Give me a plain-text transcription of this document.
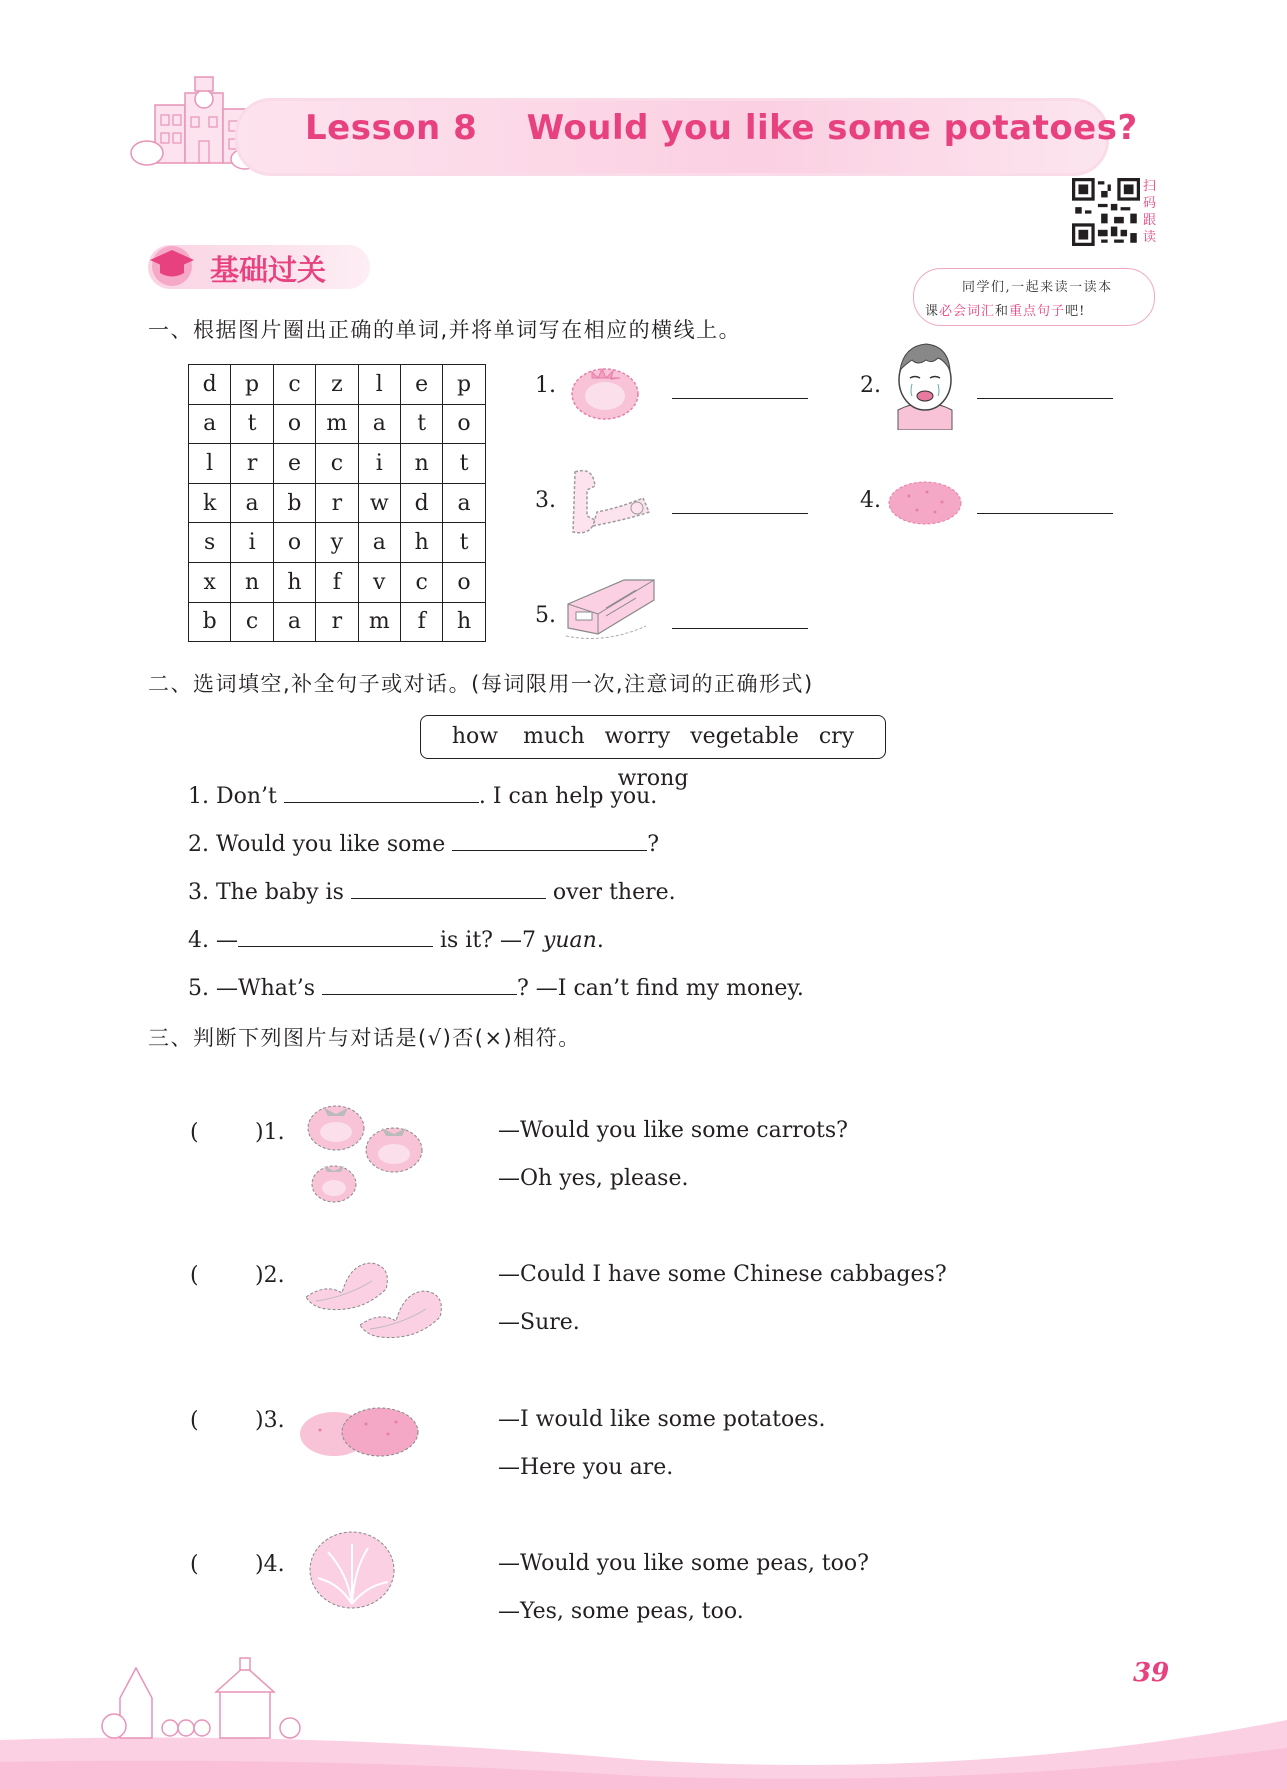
Lesson 8    Would you like some potatoes?
扫
码
跟
读
同学们,一起来读一读本
课必会词汇和重点句子吧!
基础过关
一、根据图片圈出正确的单词,并将单词写在相应的横线上。
d	p	c	z	l	e	p
a	t	o	m	a	t	o
l	r	e	c	i	n	t
k	a	b	r	w	d	a
s	i	o	y	a	h	t
x	n	h	f	v	c	o
b	c	a	r	m	f	h
1.	2.
3.	4.
5.
二、选词填空,补全句子或对话。(每词限用一次,注意词的正确形式)
how much worry vegetable crywrong
1. Don’t	. I can help you.
2. Would you like some	?
3. The baby is	over there.
4. —	is it? —7 yuan.
5. —What’s	? —I can’t find my money.
三、判断下列图片与对话是(√)否(×)相符。
(	)1.	—Would you like some carrots?
—Oh yes, please.
(	)2.	—Could I have some Chinese cabbages?
—Sure.
(	)3.	—I would like some potatoes.
—Here you are.
(	)4.	—Would you like some peas, too?
—Yes, some peas, too.
39
